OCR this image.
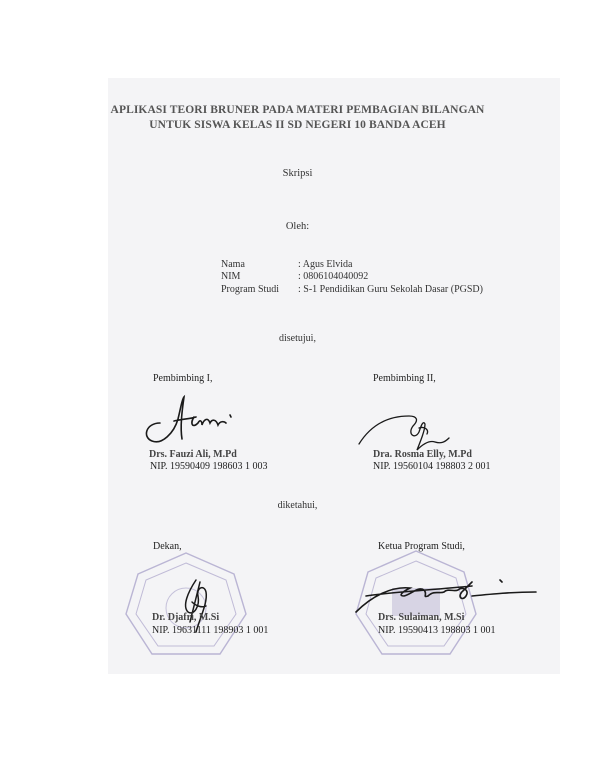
APLIKASI TEORI BRUNER PADA MATERI PEMBAGIAN BILANGAN
UNTUK SISWA KELAS II SD NEGERI 10 BANDA ACEH
Skripsi
Oleh:
Nama	: Agus Elvida
NIM	: 0806104040092
Program Studi	: S-1 Pendidikan Guru Sekolah Dasar (PGSD)
disetujui,
Pembimbing I,	Pembimbing II,
Drs. Fauzi Ali, M.Pd
NIP. 19590409 198603 1 003
Dra. Rosma Elly, M.Pd
NIP. 19560104 198803 2 001
diketahui,
Dekan,	Ketua Program Studi,
Dr. Djafri, M.Si
NIP. 19631111 198903 1 001
Drs. Sulaiman, M.Si
NIP. 19590413 198803 1 001
